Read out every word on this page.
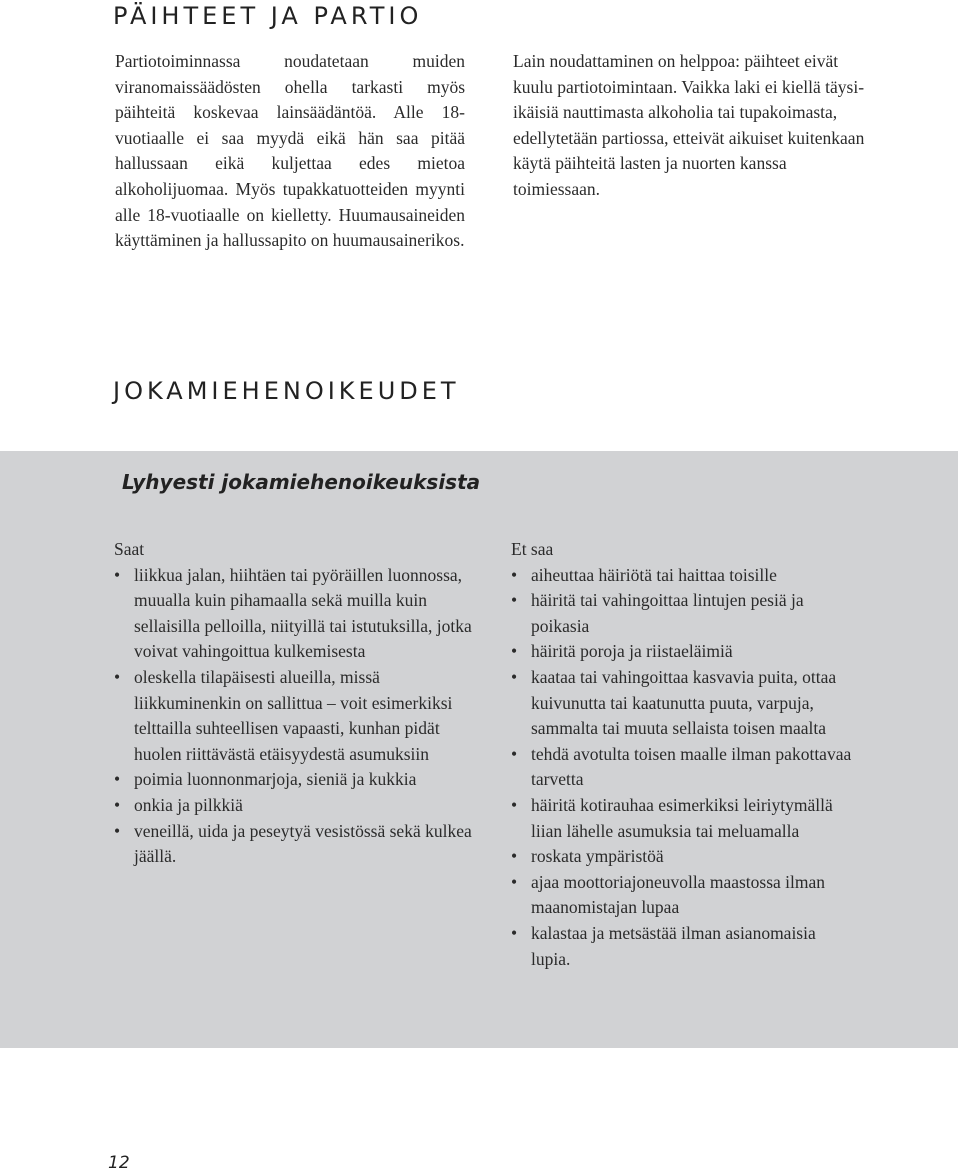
PÄIHTEET JA PARTIO

Partiotoiminnassa noudatetaan muiden viranomaissäädösten ohella tarkasti myös päihteitä koskevaa lainsäädäntöä. Alle 18-vuotiaalle ei saa myydä eikä hän saa pitää hallussaan eikä kuljettaa edes mietoa alkoholijuomaa. Myös tupakkatuotteiden myynti alle 18-vuotiaalle on kielletty. Huumausaineiden käyttäminen ja hallussapito on huumausainerikos.

Lain noudattaminen on helppoa: päihteet eivät kuulu partiotoimintaan. Vaikka laki ei kiellä täysi-ikäisiä nauttimasta alkoholia tai tupakoimasta, edellytetään partiossa, etteivät aikuiset kuitenkaan käytä päihteitä lasten ja nuorten kanssa toimiessaan.

JOKAMIEHENOIKEUDET
Lyhyesti jokamiehenoikeuksista

Saat

• liikkua jalan, hiihtäen tai pyöräillen luonnossa, muualla kuin pihamaalla sekä muilla kuin sellaisilla pelloilla, niityillä tai istutuksilla, jotka voivat vahingoittua kulkemisesta
• oleskella tilapäisesti alueilla, missä liikkuminenkin on sallittua – voit esimerkiksi telttailla suhteellisen vapaasti, kunhan pidät huolen riittävästä etäisyydestä asumuksiin
• poimia luonnonmarjoja, sieniä ja kukkia
• onkia ja pilkkiä
• veneillä, uida ja peseytyä vesistössä sekä kulkea jäällä.

Et saa

• aiheuttaa häiriötä tai haittaa toisille
• häiritä tai vahingoittaa lintujen pesiä ja poikasia
• häiritä poroja ja riistaeläimiä
• kaataa tai vahingoittaa kasvavia puita, ottaa kuivunutta tai kaatunutta puuta, varpuja, sammalta tai muuta sellaista toisen maalta
• tehdä avotulta toisen maalle ilman pakottavaa tarvetta
• häiritä kotirauhaa esimerkiksi leiriytymällä liian lähelle asumuksia tai meluamalla
• roskata ympäristöä
• ajaa moottoriajoneuvolla maastossa ilman maanomistajan lupaa
• kalastaa ja metsästää ilman asianomaisia lupia.

12
